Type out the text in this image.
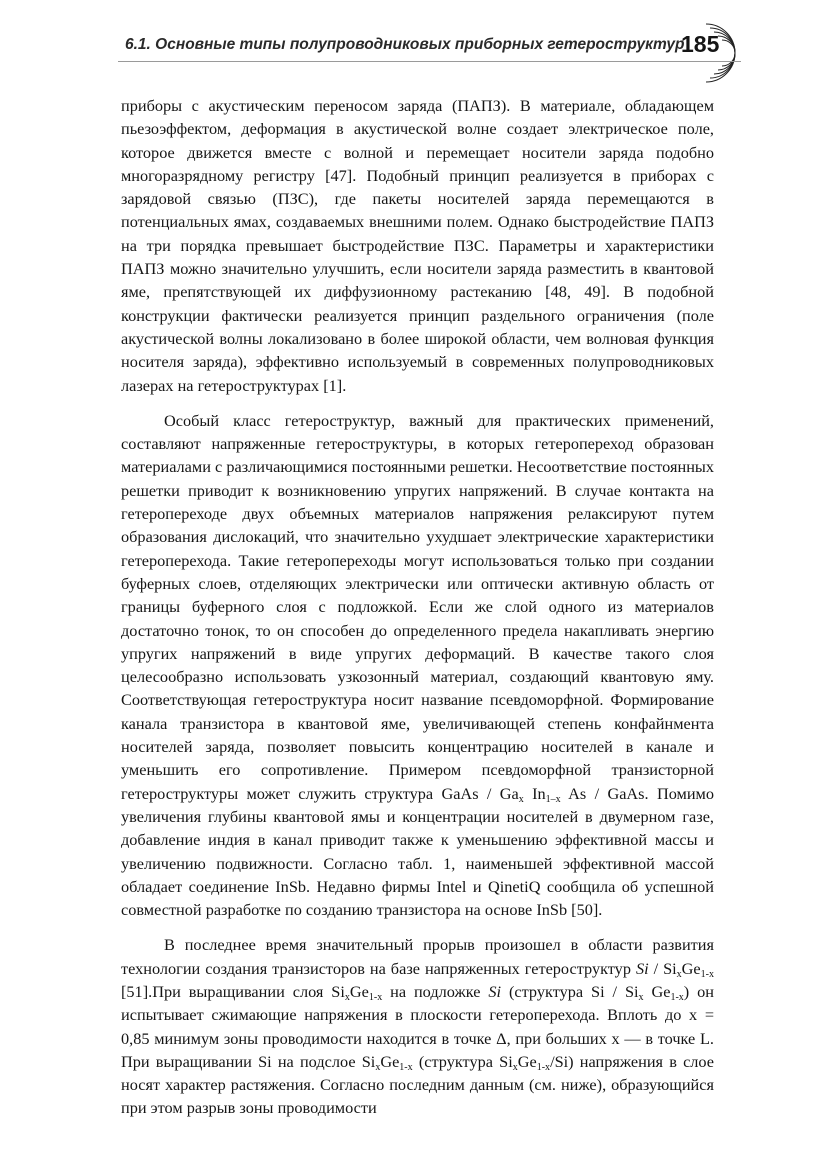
6.1. Основные типы полупроводниковых приборных гетероструктур
185

приборы с акустическим переносом заряда (ПАПЗ). В материале, обладающем пьезоэффектом, деформация в акустической волне создает электрическое поле, которое движется вместе с волной и перемещает носители заряда подобно многоразрядному регистру [47]. Подобный принцип реализуется в приборах с зарядовой связью (ПЗС), где пакеты носителей заряда перемещаются в потенциальных ямах, создаваемых внешними полем. Однако быстродействие ПАПЗ на три порядка превышает быстродействие ПЗС. Параметры и характеристики ПАПЗ можно значительно улучшить, если носители заряда разместить в квантовой яме, препятствующей их диффузионному растеканию [48, 49]. В подобной конструкции фактически реализуется принцип раздельного ограничения (поле акустической волны локализовано в более широкой области, чем волновая функция носителя заряда), эффективно используемый в современных полупроводниковых лазерах на гетероструктурах [1].

Особый класс гетероструктур, важный для практических применений, составляют напряженные гетероструктуры, в которых гетеропереход образован материалами с различающимися постоянными решетки. Несоответствие постоянных решетки приводит к возникновению упругих напряжений. В случае контакта на гетеропереходе двух объемных материалов напряжения релаксируют путем образования дислокаций, что значительно ухудшает электрические характеристики гетероперехода. Такие гетеропереходы могут использоваться только при создании буферных слоев, отделяющих электрически или оптически активную область от границы буферного слоя с подложкой. Если же слой одного из материалов достаточно тонок, то он способен до определенного предела накапливать энергию упругих напряжений в виде упругих деформаций. В качестве такого слоя целесообразно использовать узкозонный материал, создающий квантовую яму. Соответствующая гетероструктура носит название псевдоморфной. Формирование канала транзистора в квантовой яме, увеличивающей степень конфайнмента носителей заряда, позволяет повысить концентрацию носителей в канале и уменьшить его сопротивление. Примером псевдоморфной транзисторной гетероструктуры может служить структура GaAs / $Ga_x$ $In_{1-x}$ As / GaAs. Помимо увеличения глубины квантовой ямы и концентрации носителей в двумерном газе, добавление индия в канал приводит также к уменьшению эффективной массы и увеличению подвижности. Согласно табл. 1, наименьшей эффективной массой обладает соединение InSb. Недавно фирмы Intel и QinetiQ сообщила об успешной совместной разработке по созданию транзистора на основе InSb [50].

В последнее время значительный прорыв произошел в области развития технологии создания транзисторов на базе напряженных гетероструктур Si / $Si_xGe_{1-x}$ [51].При выращивании слоя $Si_xGe_{1-x}$ на подложке Si (структура Si / $Si_x$ $Ge_{1-x}$) он испытывает сжимающие напряжения в плоскости гетероперехода. Вплоть до x = 0,85 минимум зоны проводимости находится в точке Δ, при больших x — в точке L. При выращивании Si на подслое $Si_xGe_{1-x}$ (структура $Si_xGe_{1-x}/Si$) напряжения в слое носят характер растяжения. Согласно последним данным (см. ниже), образующийся при этом разрыв зоны проводимости
